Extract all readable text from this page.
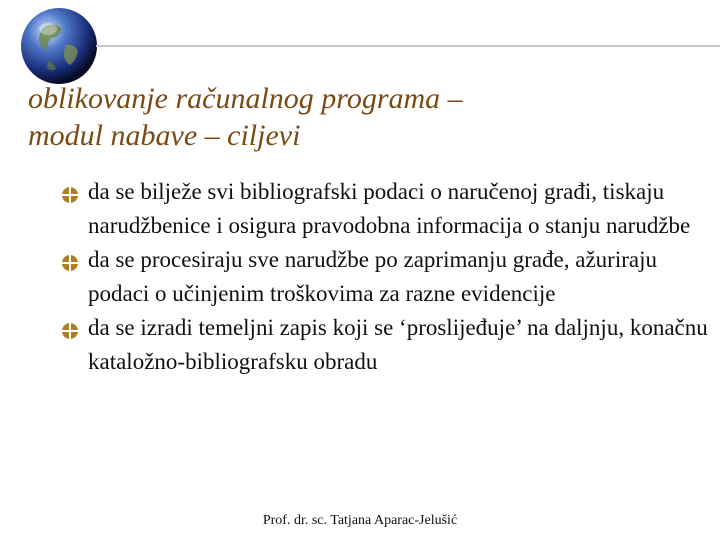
oblikovanje računalnog programa –
modul nabave – ciljevi
da se bilježe svi bibliografski podaci o naručenoj građi, tiskaju narudžbenice i osigura pravodobna informacija o stanju narudžbe
da se procesiraju sve narudžbe po zaprimanju građe, ažuriraju podaci o učinjenim troškovima za razne evidencije
da se izradi temeljni zapis koji se ‘proslijeđuje’ na daljnju, konačnu kataložno-bibliografsku obradu
Prof. dr. sc. Tatjana Aparac-Jelušić
